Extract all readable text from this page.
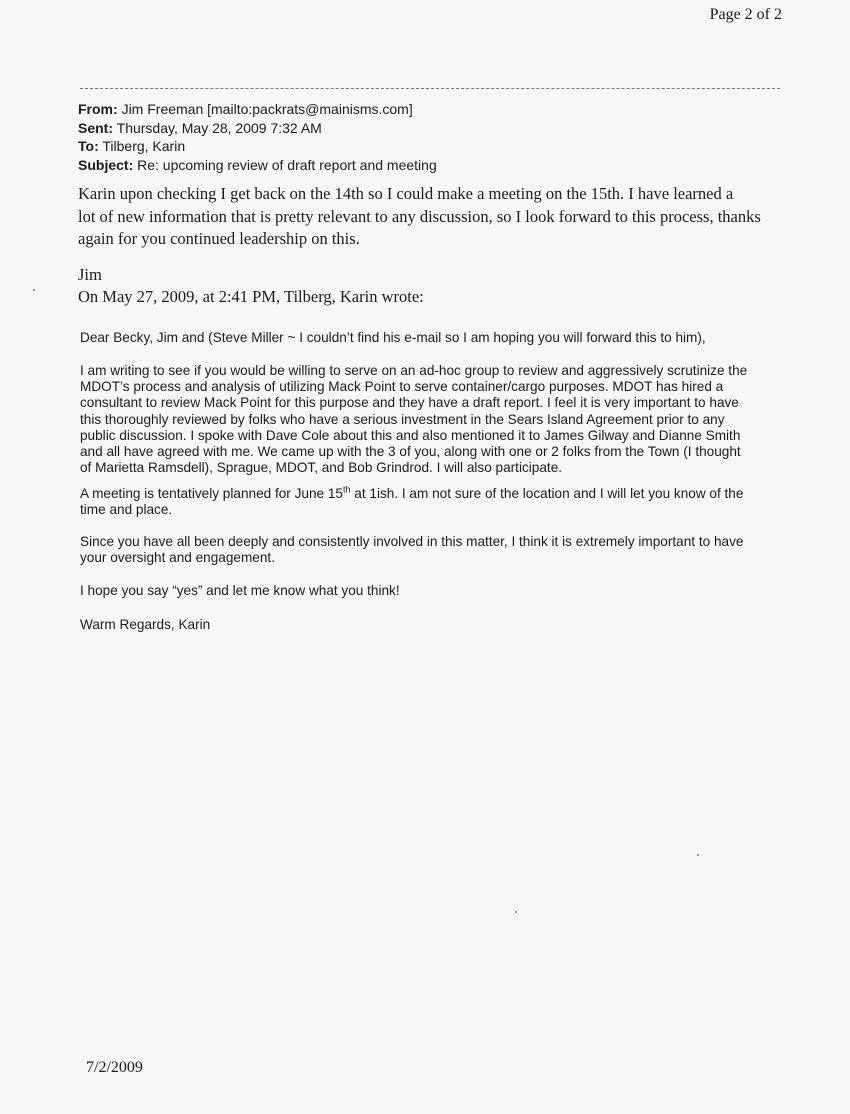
Page 2 of 2
From: Jim Freeman [mailto:packrats@mainisms.com]
Sent: Thursday, May 28, 2009 7:32 AM
To: Tilberg, Karin
Subject: Re: upcoming review of draft report and meeting
Karin upon checking I get back on the 14th so I could make a meeting on the 15th. I have learned a
lot of new information that is pretty relevant to any discussion, so I look forward to this process, thanks
again for you continued leadership on this.
Jim
On May 27, 2009, at 2:41 PM, Tilberg, Karin wrote:

Dear Becky, Jim and (Steve Miller ~ I couldn’t find his e-mail so I am hoping you will forward this to him),

I am writing to see if you would be willing to serve on an ad-hoc group to review and aggressively scrutinize the
MDOT’s process and analysis of utilizing Mack Point to serve container/cargo purposes. MDOT has hired a
consultant to review Mack Point for this purpose and they have a draft report. I feel it is very important to have
this thoroughly reviewed by folks who have a serious investment in the Sears Island Agreement prior to any
public discussion. I spoke with Dave Cole about this and also mentioned it to James Gilway and Dianne Smith
and all have agreed with me. We came up with the 3 of you, along with one or 2 folks from the Town (I thought
of Marietta Ramsdell), Sprague, MDOT, and Bob Grindrod. I will also participate.
A meeting is tentatively planned for June 15th at 1ish. I am not sure of the location and I will let you know of the
time and place.
Since you have all been deeply and consistently involved in this matter, I think it is extremely important to have
your oversight and engagement.

I hope you say “yes” and let me know what you think!

Warm Regards, Karin

7/2/2009
